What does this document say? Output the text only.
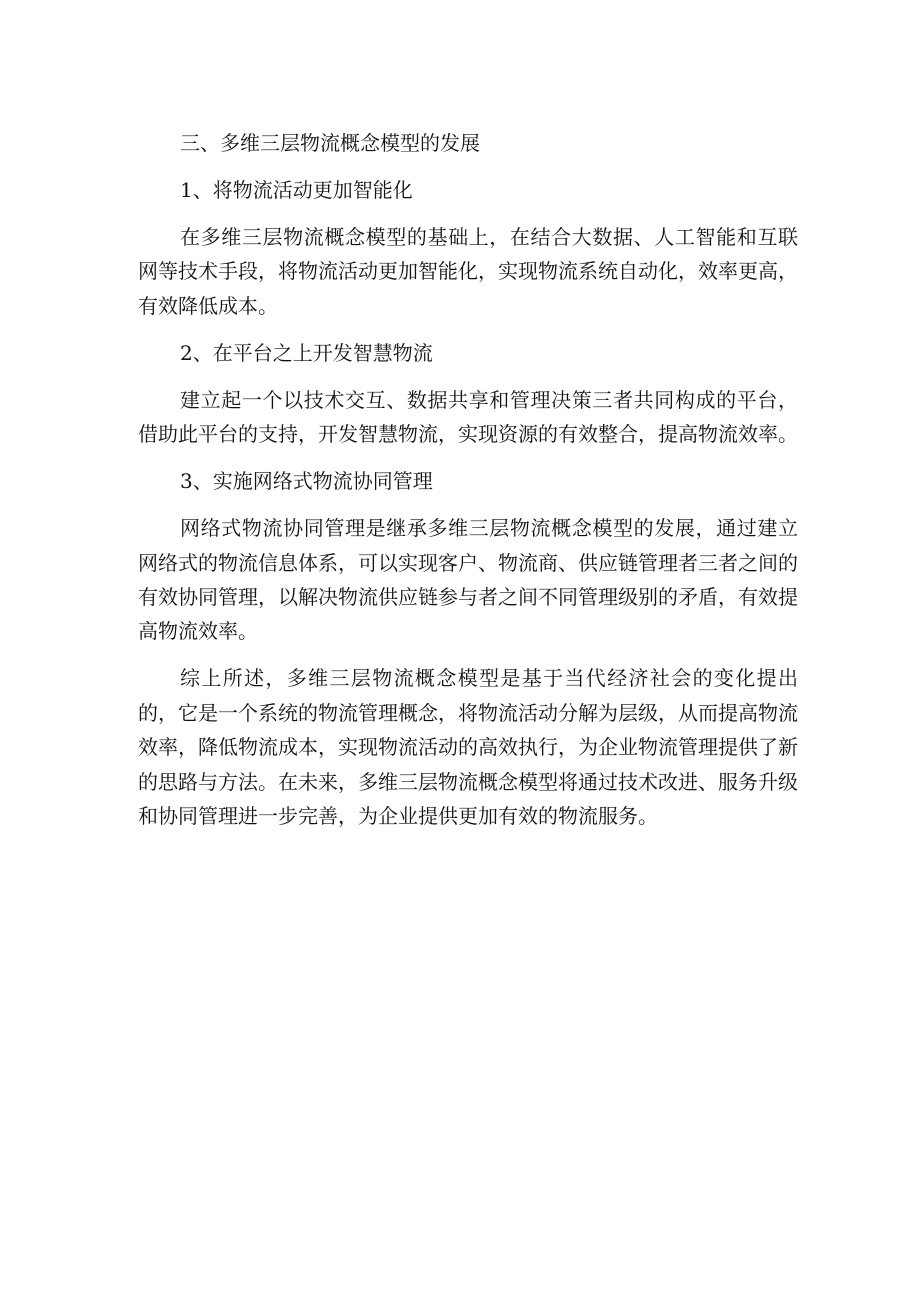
三、多维三层物流概念模型的发展

1、将物流活动更加智能化

在多维三层物流概念模型的基础上，在结合大数据、人工智能和互联网等技术手段，将物流活动更加智能化，实现物流系统自动化，效率更高，有效降低成本。

2、在平台之上开发智慧物流

建立起一个以技术交互、数据共享和管理决策三者共同构成的平台，借助此平台的支持，开发智慧物流，实现资源的有效整合，提高物流效率。

3、实施网络式物流协同管理

网络式物流协同管理是继承多维三层物流概念模型的发展，通过建立网络式的物流信息体系，可以实现客户、物流商、供应链管理者三者之间的有效协同管理，以解决物流供应链参与者之间不同管理级别的矛盾，有效提高物流效率。

综上所述，多维三层物流概念模型是基于当代经济社会的变化提出的，它是一个系统的物流管理概念，将物流活动分解为层级，从而提高物流效率，降低物流成本，实现物流活动的高效执行，为企业物流管理提供了新的思路与方法。在未来，多维三层物流概念模型将通过技术改进、服务升级和协同管理进一步完善，为企业提供更加有效的物流服务。
